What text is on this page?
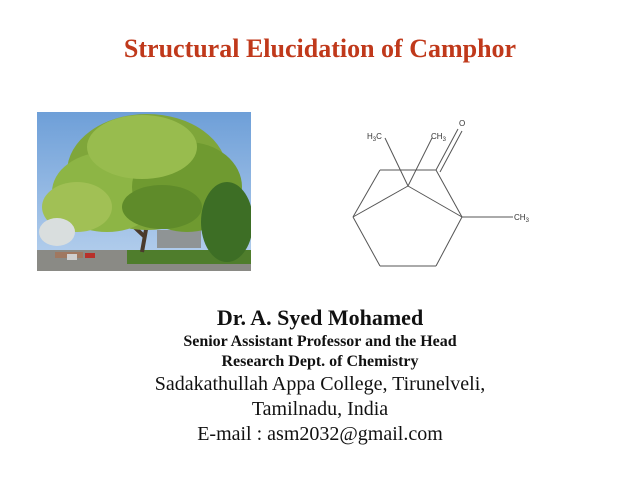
Structural Elucidation of Camphor
$H_3C$	$CH_3$
O
$CH_3$
Dr. A. Syed Mohamed
Senior Assistant Professor and the Head
Research Dept. of Chemistry
Sadakathullah Appa College, Tirunelveli,
Tamilnadu, India
E-mail : asm2032@gmail.com
